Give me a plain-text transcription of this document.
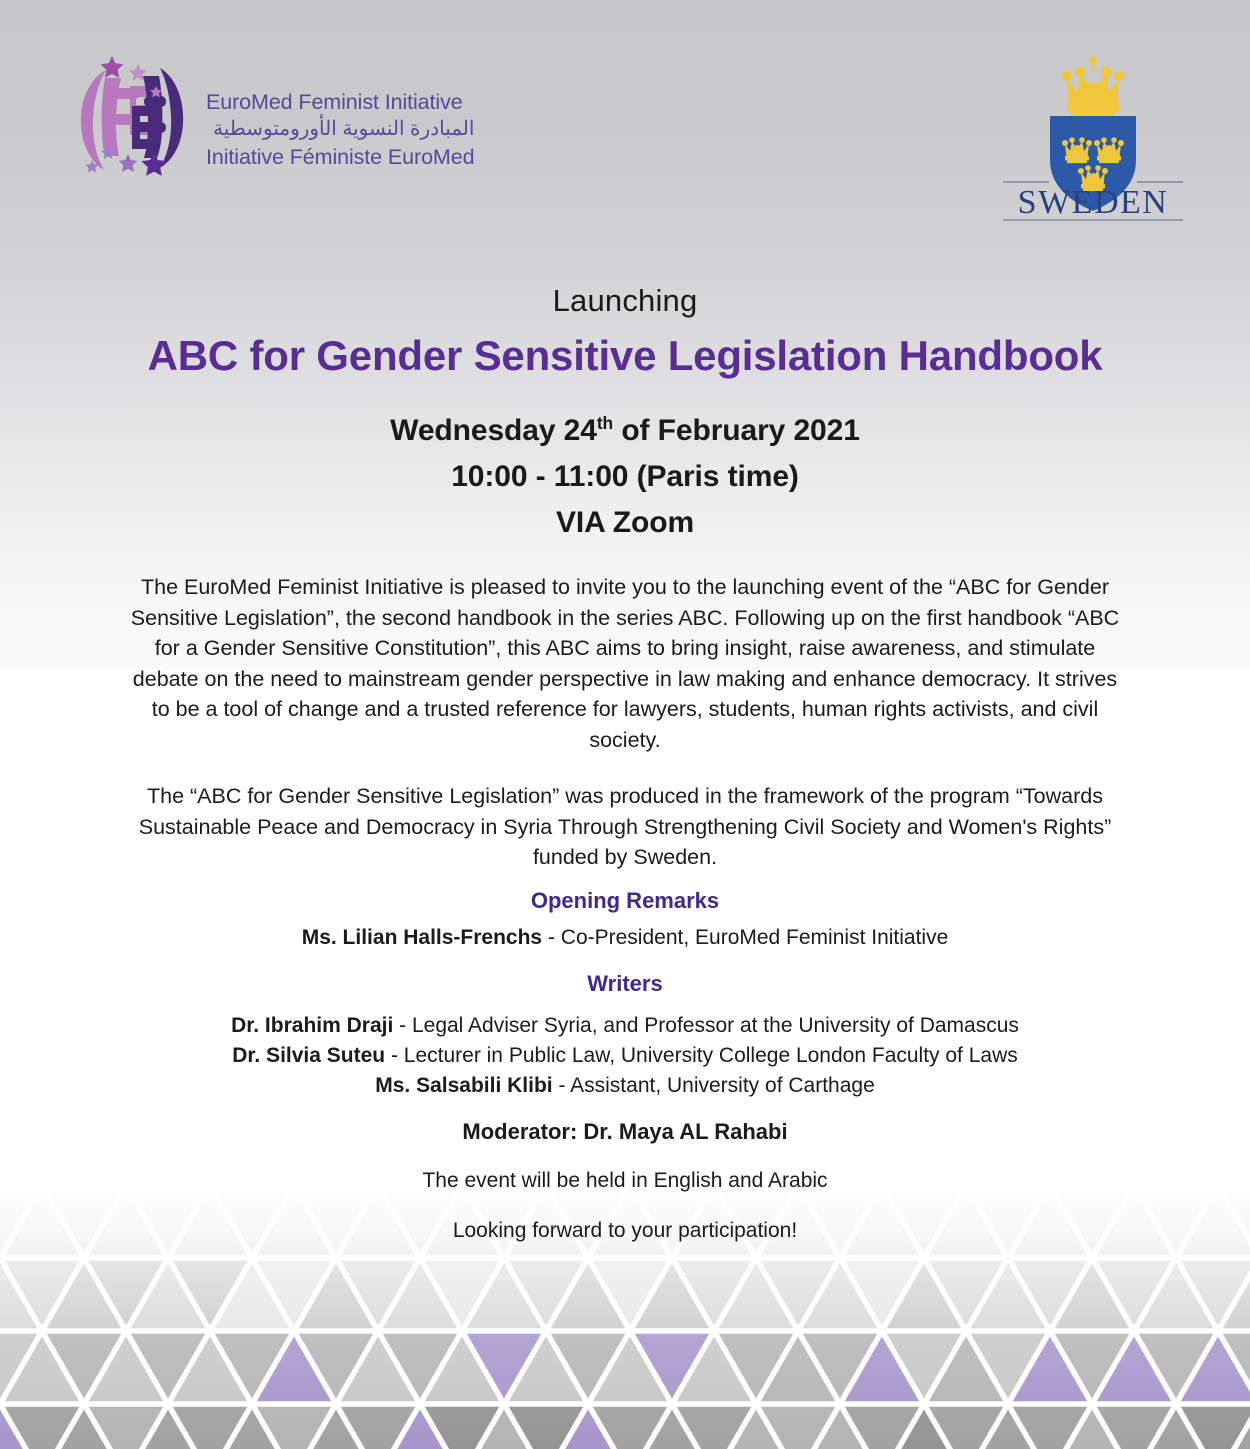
EuroMed Feminist Initiative
المبادرة النسوية الأورومتوسطية
Initiative Féministe EuroMed
SWEDEN
Launching
ABC for Gender Sensitive Legislation Handbook
Wednesday 24th of February 2021
10:00 - 11:00 (Paris time)
VIA Zoom

The EuroMed Feminist Initiative is pleased to invite you to the launching event of the “ABC for Gender Sensitive Legislation”, the second handbook in the series ABC. Following up on the first handbook “ABC for a Gender Sensitive Constitution”, this ABC aims to bring insight, raise awareness, and stimulate debate on the need to mainstream gender perspective in law making and enhance democracy. It strives to be a tool of change and a trusted reference for lawyers, students, human rights activists, and civil society.

The “ABC for Gender Sensitive Legislation” was produced in the framework of the program “Towards Sustainable Peace and Democracy in Syria Through Strengthening Civil Society and Women's Rights” funded by Sweden.

Opening Remarks

Ms. Lilian Halls-Frenchs - Co-President, EuroMed Feminist Initiative

Writers

Dr. Ibrahim Draji - Legal Adviser Syria, and Professor at the University of Damascus

Dr. Silvia Suteu - Lecturer in Public Law, University College London Faculty of Laws

Ms. Salsabili Klibi - Assistant, University of Carthage

Moderator: Dr. Maya AL Rahabi
The event will be held in English and Arabic
Looking forward to your participation!
